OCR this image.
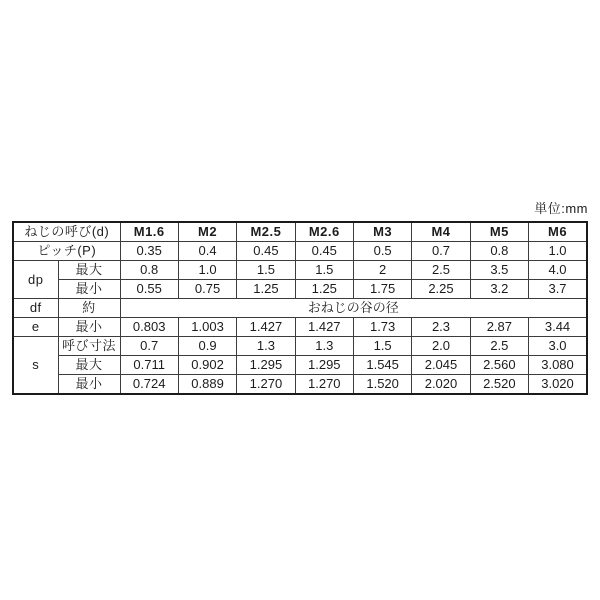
単位:mm
ねじの呼び(d)		M1.6	M2	M2.5	M2.6	M3	M4	M5	M6
ピッチ(P)		0.35	0.4	0.45	0.45	0.5	0.7	0.8	1.0
dp	最大	0.8	1.0	1.5	1.5	2	2.5	3.5	4.0
	最小	0.55	0.75	1.25	1.25	1.75	2.25	3.2	3.7
df	約	おねじの谷の径							
e	最小	0.803	1.003	1.427	1.427	1.73	2.3	2.87	3.44
s	呼び寸法	0.7	0.9	1.3	1.3	1.5	2.0	2.5	3.0
	最大	0.711	0.902	1.295	1.295	1.545	2.045	2.560	3.080
	最小	0.724	0.889	1.270	1.270	1.520	2.020	2.520	3.020
